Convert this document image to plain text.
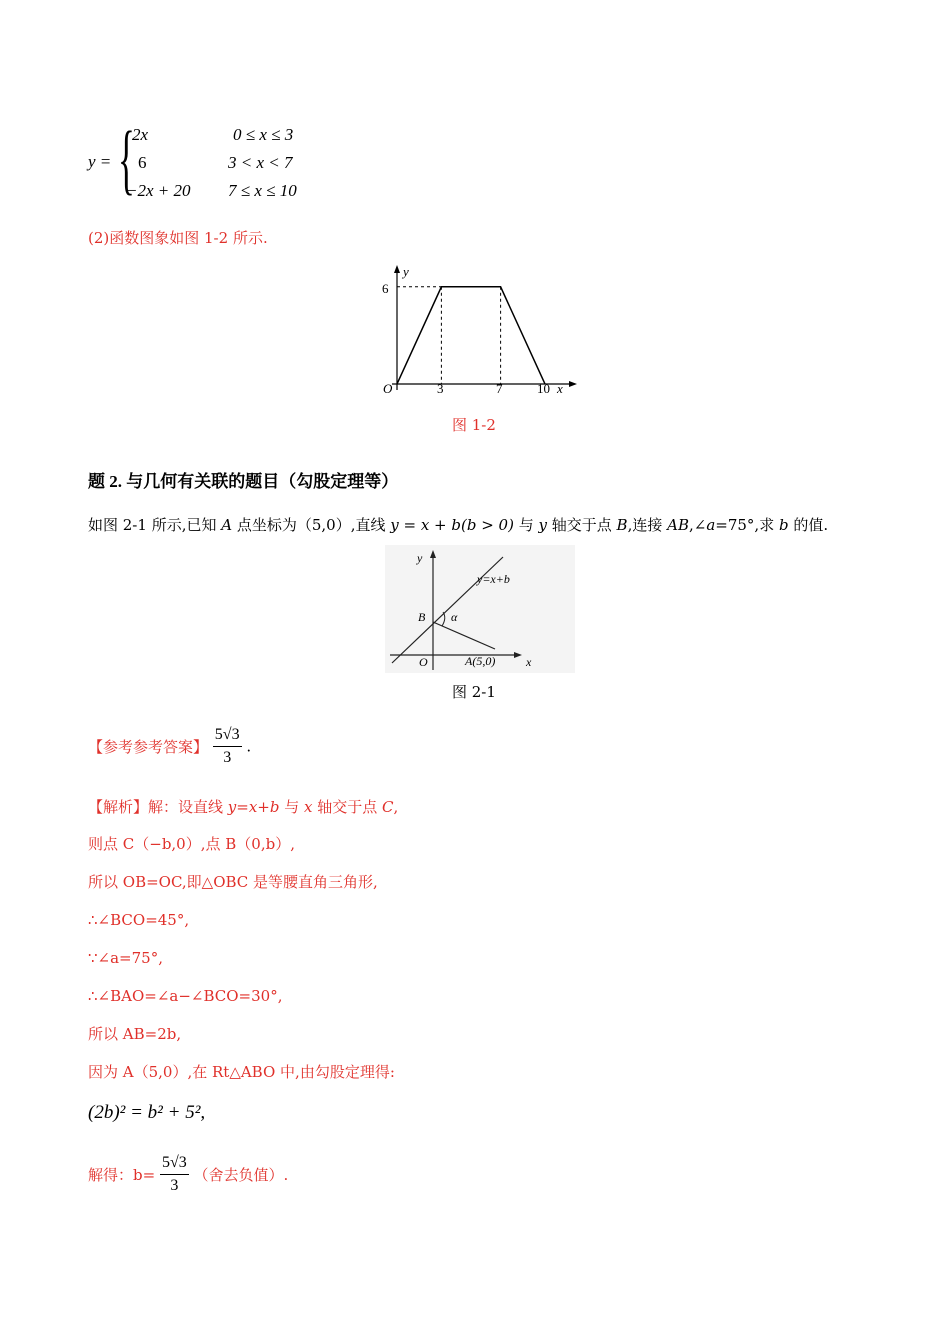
y = {
2x	0 ≤ x ≤ 3
6	3 < x < 7
−2x + 20 7 ≤ x ≤ 10
(2)函数图象如图 1-2 所示.
y
6
O	3	7	10 x
图 1-2
题 2. 与几何有关联的题目（勾股定理等）
如图 2-1 所示,已知 A 点坐标为（5,0）,直线 y = x + b(b > 0) 与 y 轴交于点 B,连接 AB,∠a=75°,求 b 的值.
y
y=x+b
B α
O	A(5,0)	x
图 2-1
【参考参考答案】 $\frac{5√3}{3}$ .
【解析】解：设直线 y=x+b 与 x 轴交于点 C,
则点 C（−b,0）,点 B（0,b）,
所以 OB=OC,即△OBC 是等腰直角三角形,
∴∠BCO=45°,
∵∠a=75°,
∴∠BAO=∠a−∠BCO=30°,
所以 AB=2b,
因为 A（5,0）,在 Rt△ABO 中,由勾股定理得:
(2b)² = b² + 5²,
解得：$b= \frac{5√3}{3}$ （舍去负值）.
